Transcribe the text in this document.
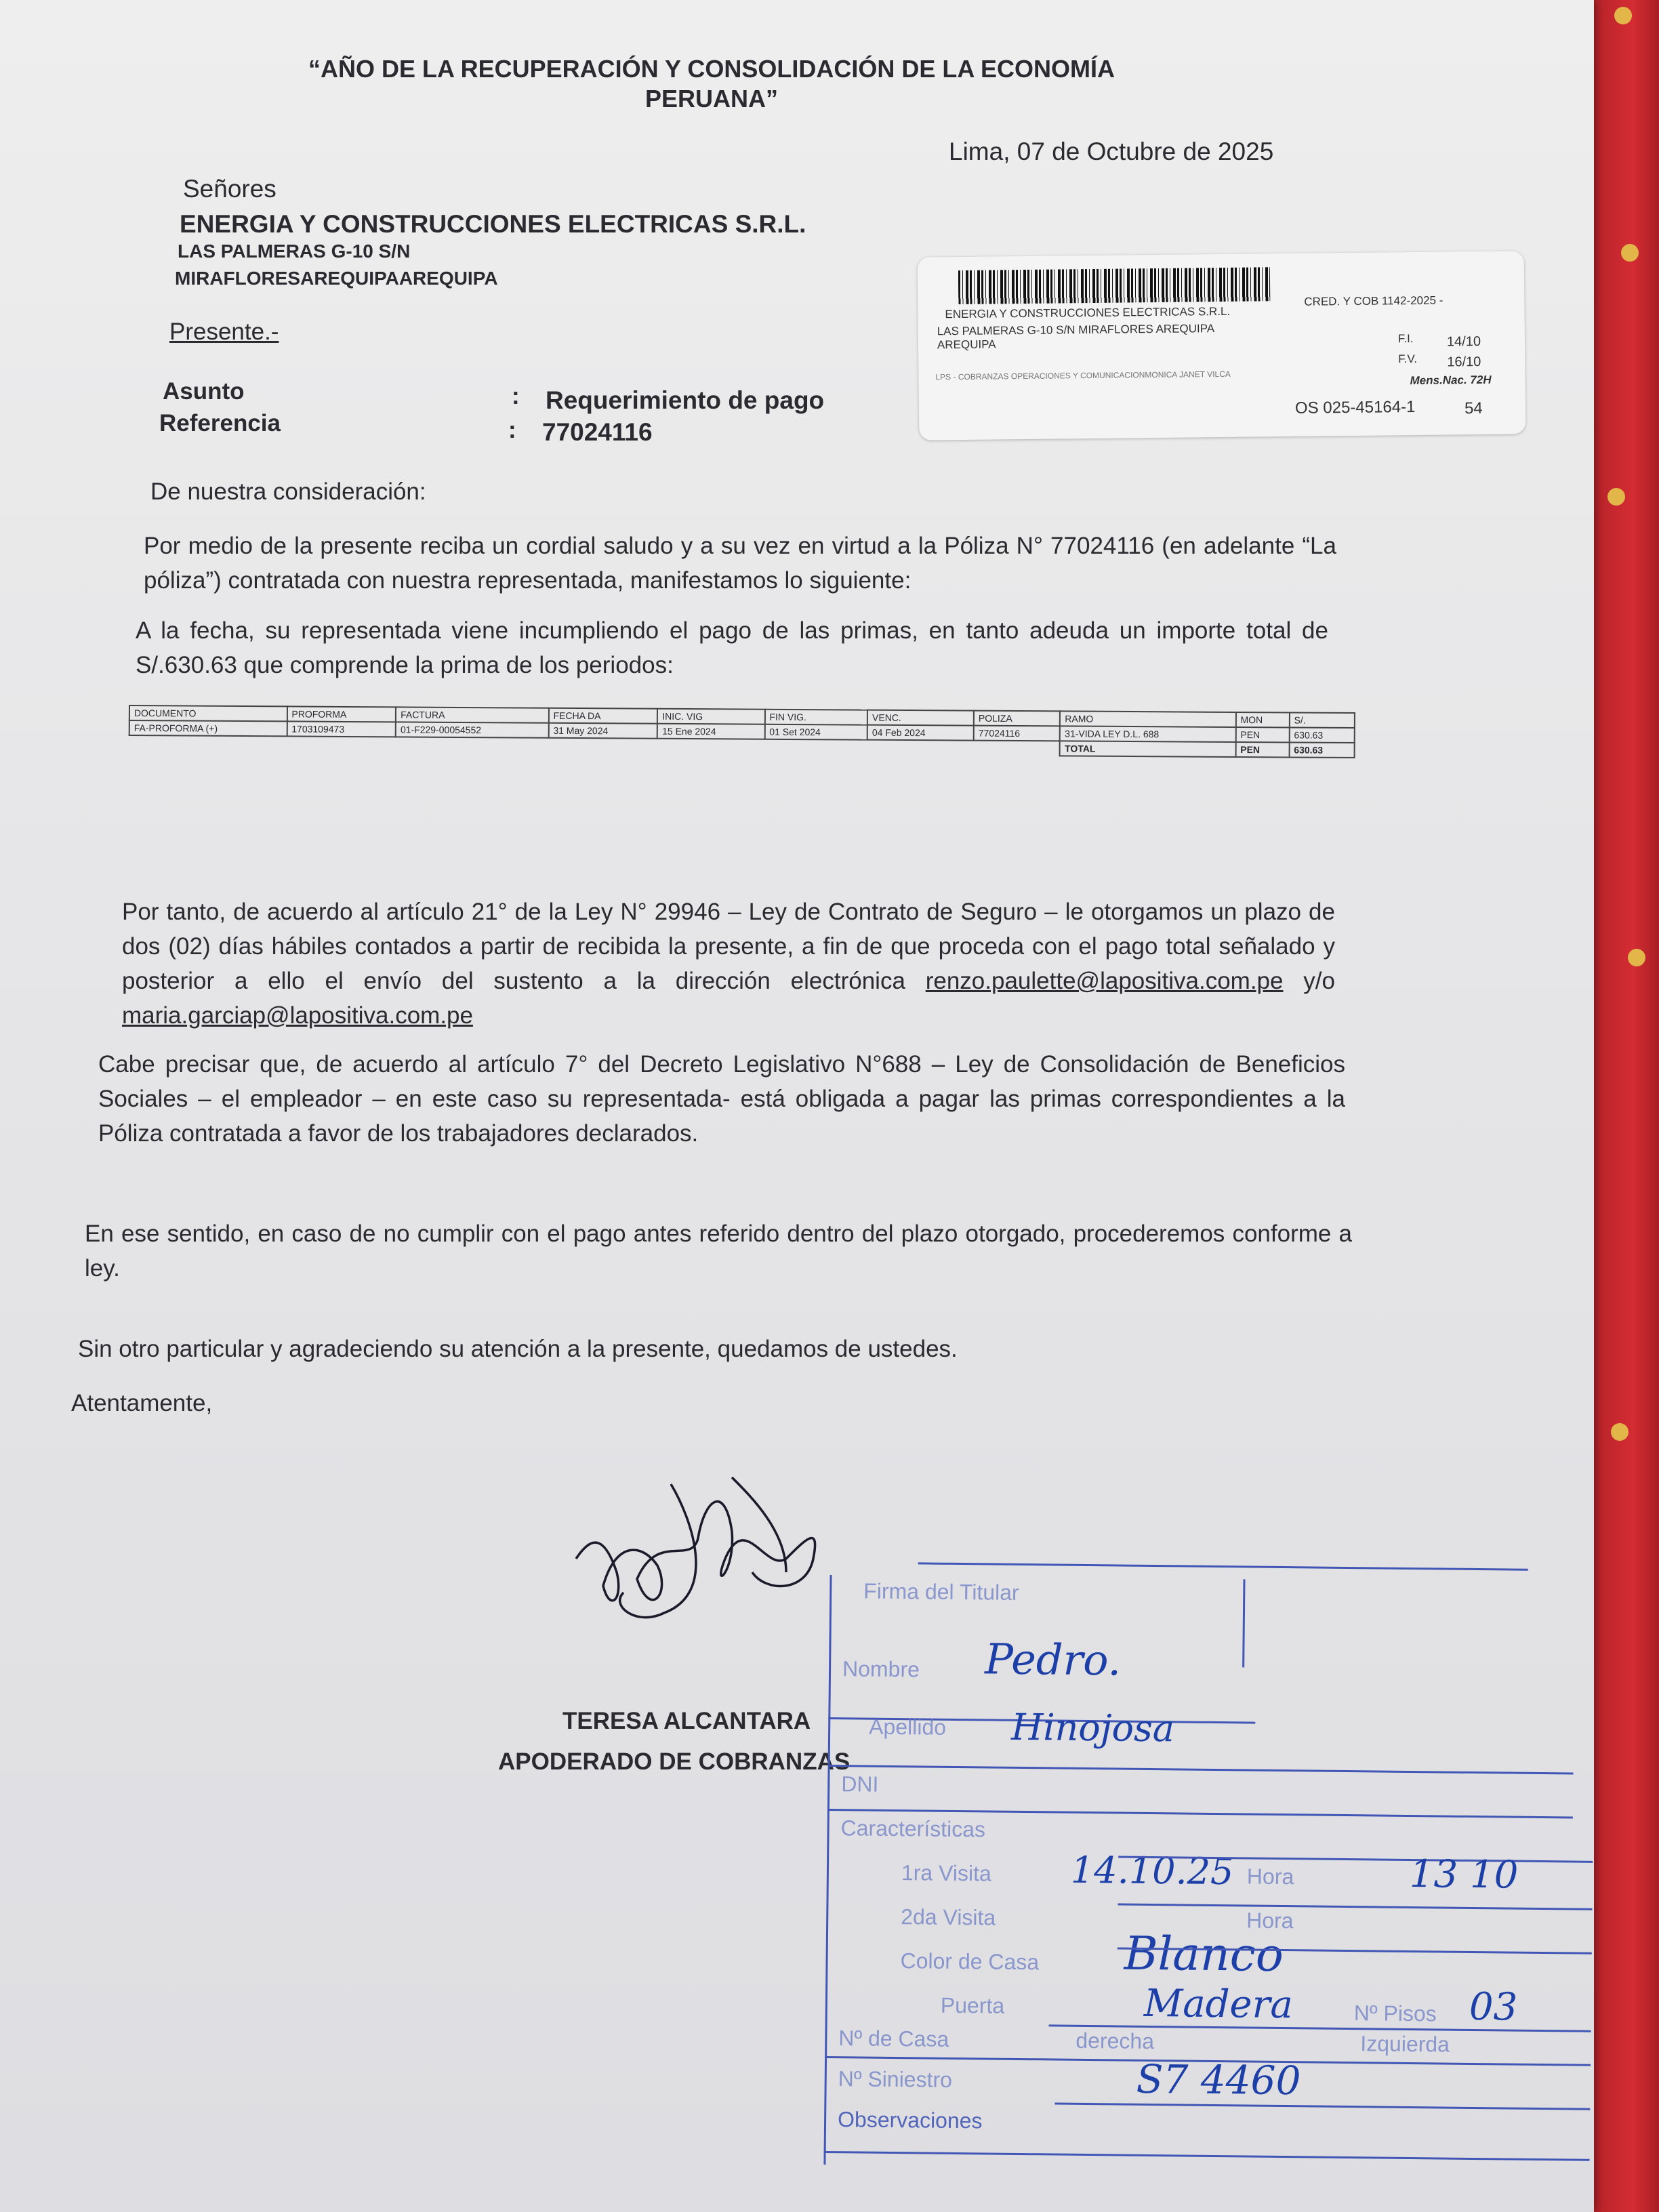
“AÑO DE LA RECUPERACIÓN Y CONSOLIDACIÓN DE LA ECONOMÍA
PERUANA”
Lima, 07 de Octubre de 2025
Señores
ENERGIA Y CONSTRUCCIONES ELECTRICAS S.R.L.
LAS PALMERAS G-10 S/N
MIRAFLORESAREQUIPAAREQUIPA
Presente.-
Asunto	: Requerimiento de pago
Referencia	: 77024116
ENERGIA Y CONSTRUCCIONES ELECTRICAS S.R.L.
LAS PALMERAS G-10 S/N MIRAFLORES AREQUIPA
AREQUIPA
LPS - COBRANZAS OPERACIONES Y COMUNICACIONMONICA JANET VILCA
CRED. Y COB 1142-2025 -
F.I. 14/10
F.V. 16/10
Mens.Nac. 72H
OS 025-45164-1	54
De nuestra consideración:
Por medio de la presente reciba un cordial saludo y a su vez en virtud a la Póliza N° 77024116 (en adelante “La póliza”) contratada con nuestra representada, manifestamos lo siguiente:
A la fecha, su representada viene incumpliendo el pago de las primas, en tanto adeuda un importe total de S/.630.63 que comprende la prima de los periodos:
DOCUMENTO	PROFORMA	FACTURA	FECHA DA	INIC. VIG	FIN VIG.	VENC.	POLIZA	RAMO	MON	S/.
FA-PROFORMA (+)	1703109473	01-F229-00054552	31 May 2024	15 Ene 2024	01 Set 2024	04 Feb 2024	77024116	31-VIDA LEY D.L. 688	PEN	630.63
								TOTAL	PEN	630.63
Por tanto, de acuerdo al artículo 21° de la Ley N° 29946 – Ley de Contrato de Seguro – le otorgamos un plazo de dos (02) días hábiles contados a partir de recibida la presente, a fin de que proceda con el pago total señalado y posterior a ello el envío del sustento a la dirección electrónica renzo.paulette@lapositiva.com.pe y/o maria.garciap@lapositiva.com.pe
Cabe precisar que, de acuerdo al artículo 7° del Decreto Legislativo N°688 – Ley de Consolidación de Beneficios Sociales – el empleador – en este caso su representada- está obligada a pagar las primas correspondientes a la Póliza contratada a favor de los trabajadores declarados.
En ese sentido, en caso de no cumplir con el pago antes referido dentro del plazo otorgado, procederemos conforme a ley.
Sin otro particular y agradeciendo su atención a la presente, quedamos de ustedes.
Atentamente,
TERESA ALCANTARA
APODERADO DE COBRANZAS
Firma del Titular
Nombre Pedro.
Apellido Hinojosa
DNI
Características
1ra Visita 14.10.25 Hora	13 10
2da Visita	Hora
Color de Casa Blanco
Puerta	Madera	Nº Pisos 03
Nº de Casa	derecha	Izquierda
Nº Siniestro	S7 4460
Observaciones
